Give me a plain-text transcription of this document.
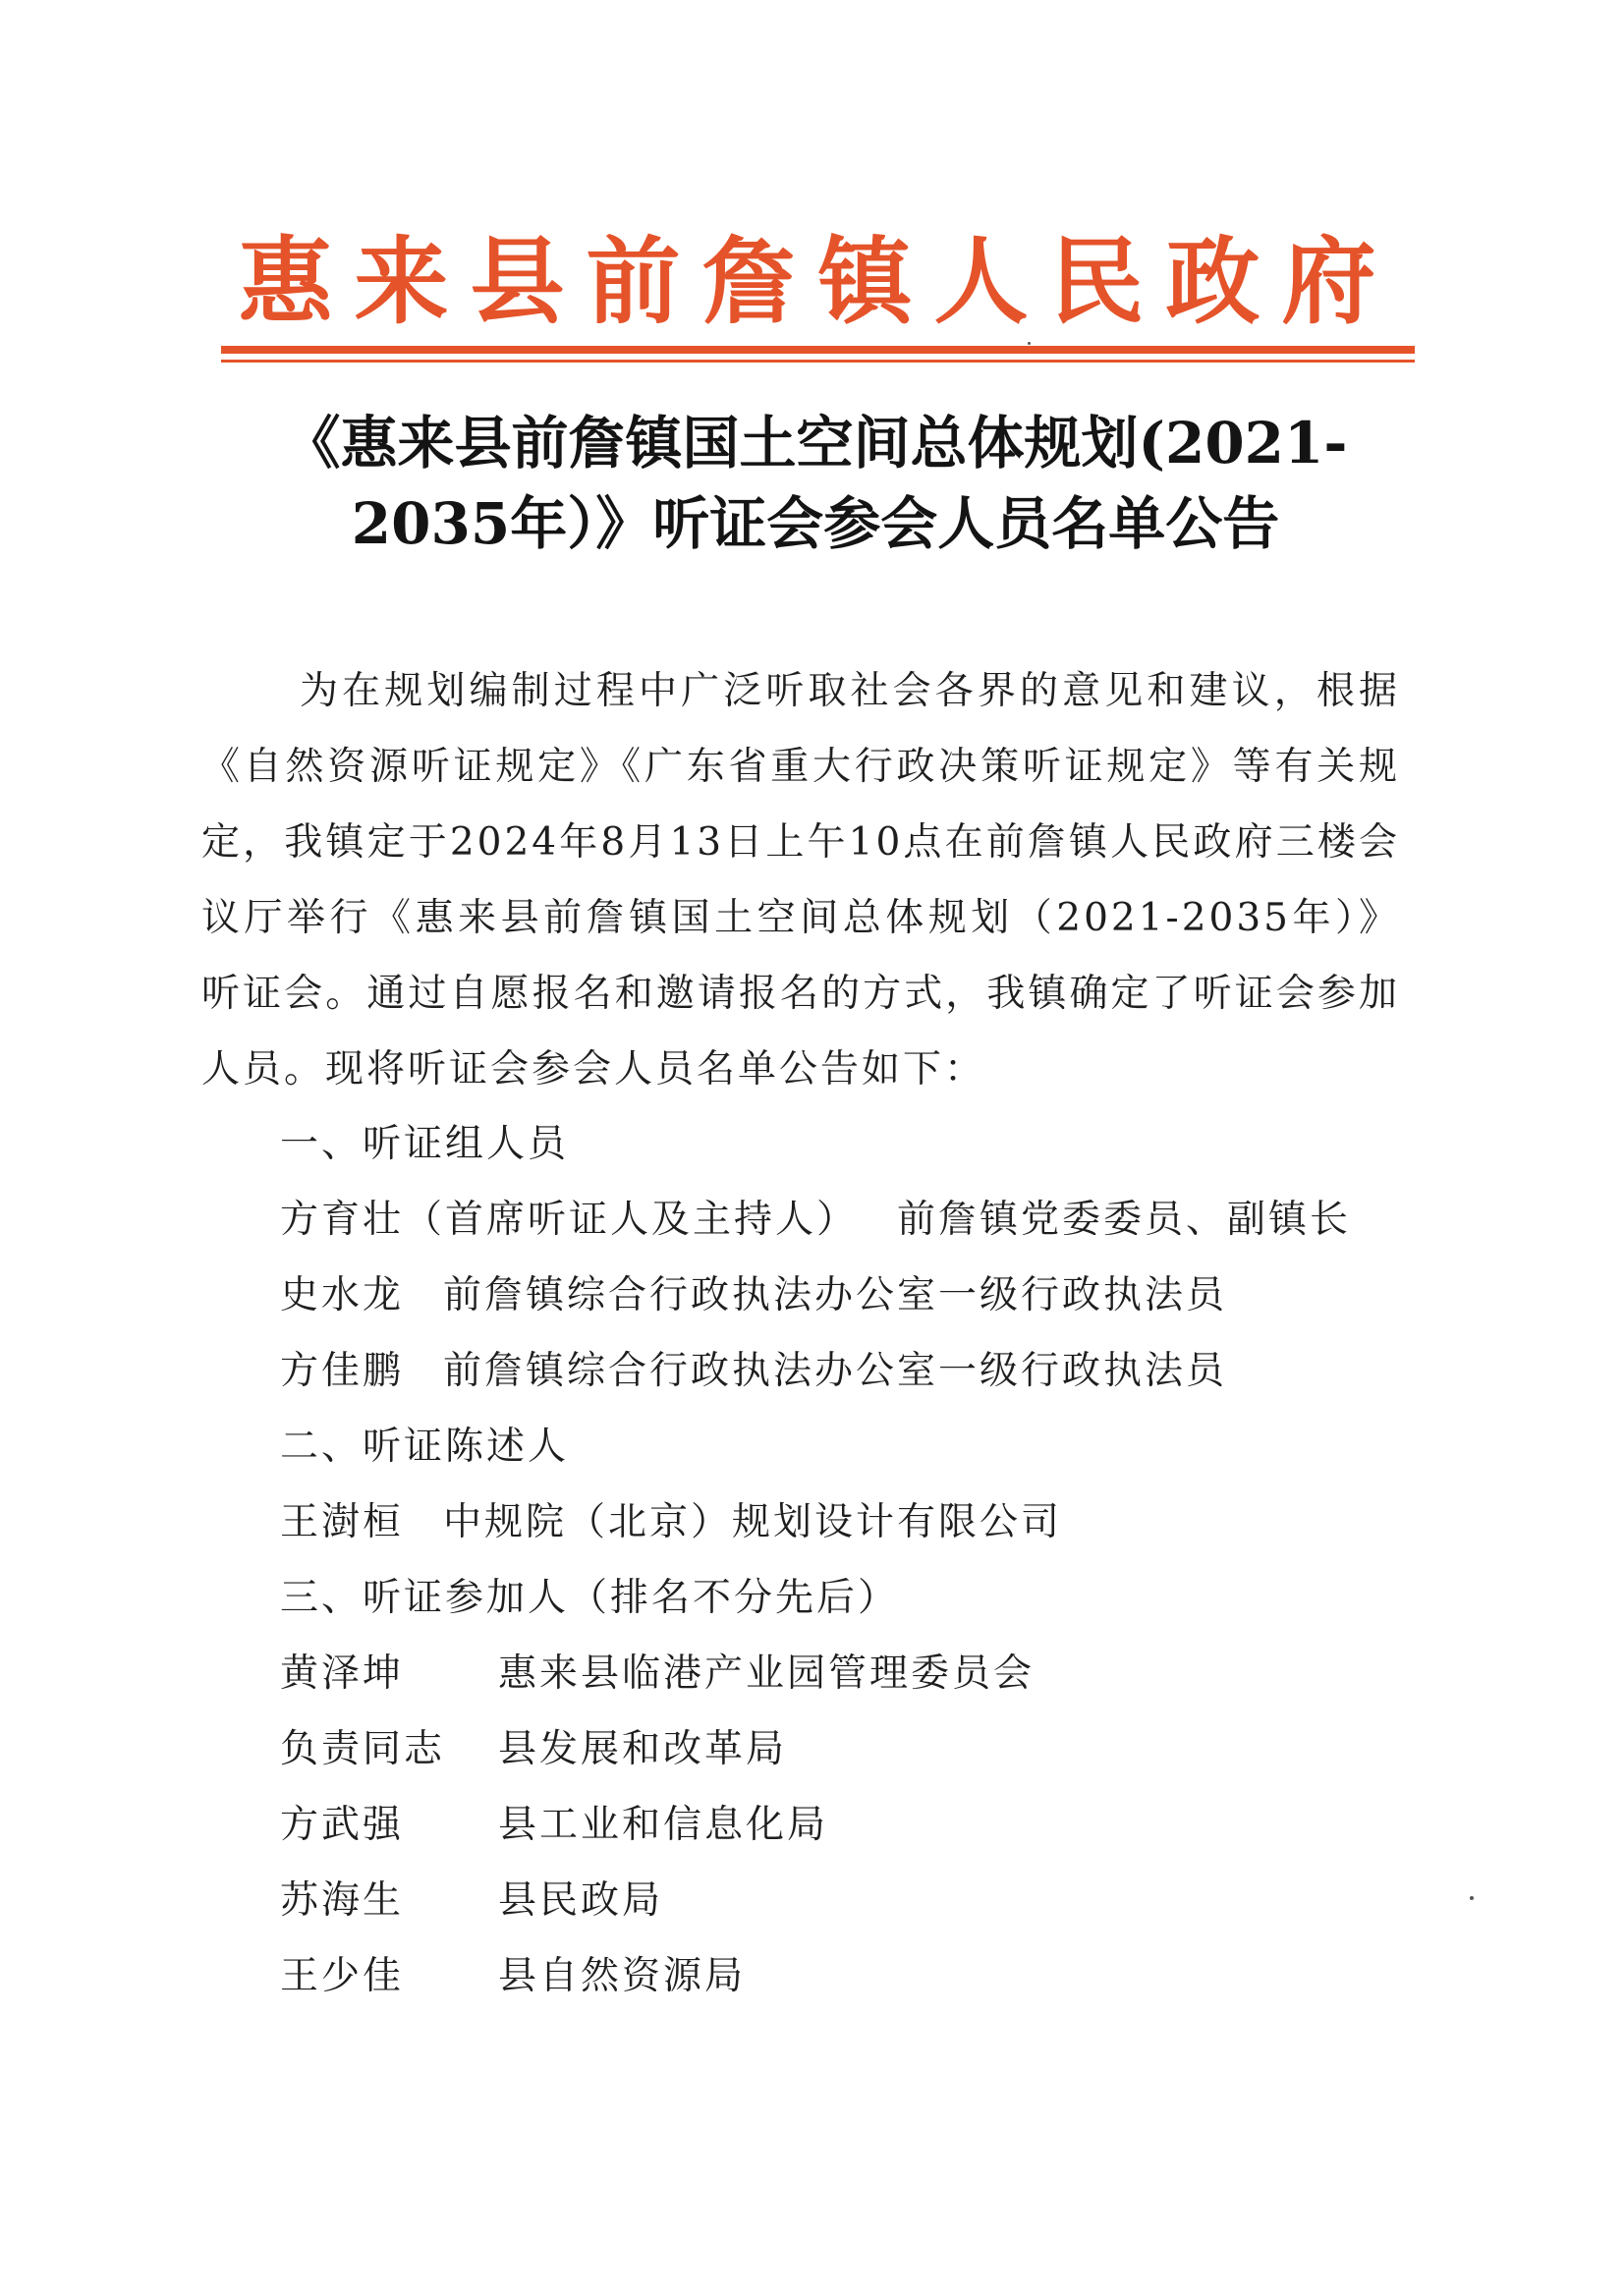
惠来县前詹镇人民政府
《惠来县前詹镇国土空间总体规划(2021-2035年）》听证会参会人员名单公告
为在规划编制过程中广泛听取社会各界的意见和建议，根据《自然资源听证规定》《广东省重大行政决策听证规定》等有关规定，我镇定于2024年8月13日上午10点在前詹镇人民政府三楼会议厅举行《惠来县前詹镇国土空间总体规划（2021-2035年）》听证会。通过自愿报名和邀请报名的方式，我镇确定了听证会参加人员。现将听证会参会人员名单公告如下：
一、听证组人员
方育壮（首席听证人及主持人） 前詹镇党委委员、副镇长
史水龙 前詹镇综合行政执法办公室一级行政执法员
方佳鹏 前詹镇综合行政执法办公室一级行政执法员
二、听证陈述人
王澍桓 中规院（北京）规划设计有限公司
三、听证参加人（排名不分先后）
黄泽坤 惠来县临港产业园管理委员会
负责同志 县发展和改革局
方武强 县工业和信息化局
苏海生 县民政局
王少佳 县自然资源局
